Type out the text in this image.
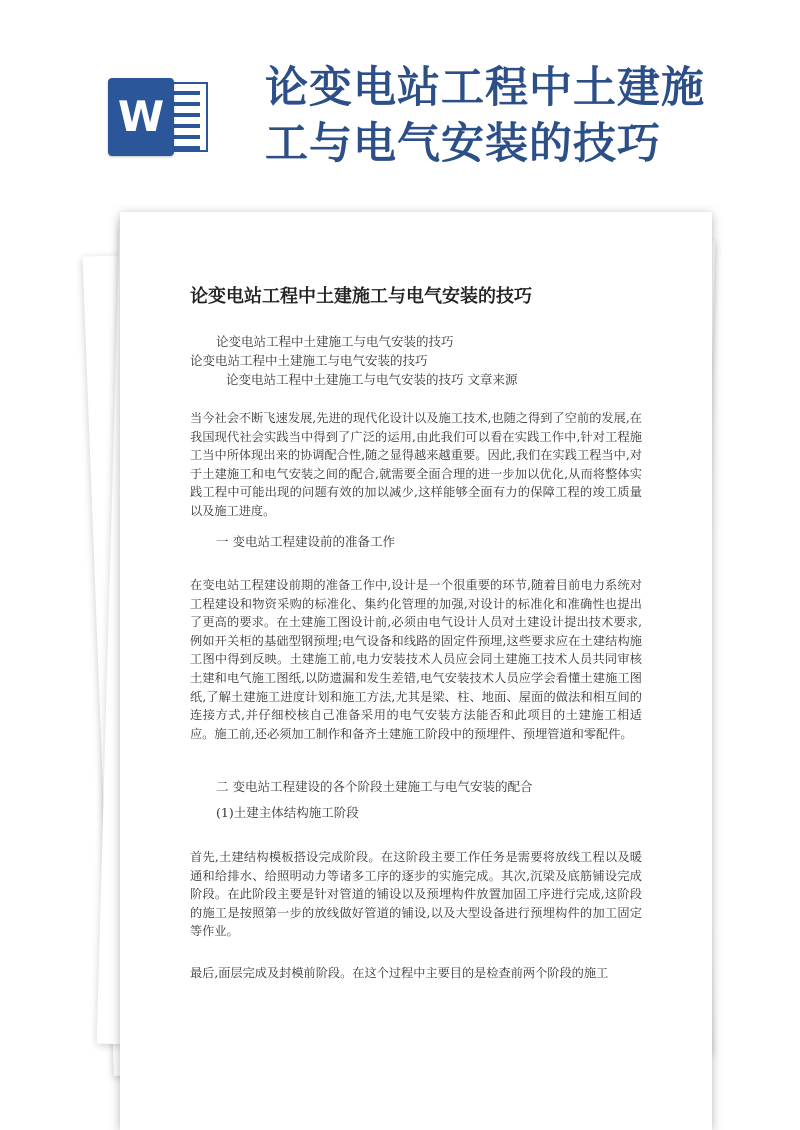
W
论变电站工程中土建施
工与电气安装的技巧
论变电站工程中土建施工与电气安装的技巧
论变电站工程中土建施工与电气安装的技巧
论变电站工程中土建施工与电气安装的技巧
论变电站工程中土建施工与电气安装的技巧 文章来源
当今社会不断飞速发展,先进的现代化设计以及施工技术,也随之得到了空前的发展,在我国现代社会实践当中得到了广泛的运用,由此我们可以看在实践工作中,针对工程施工当中所体现出来的协调配合性,随之显得越来越重要。因此,我们在实践工程当中,对于土建施工和电气安装之间的配合,就需要全面合理的进一步加以优化,从而将整体实践工程中可能出现的问题有效的加以减少,这样能够全面有力的保障工程的竣工质量以及施工进度。
一 变电站工程建设前的准备工作
在变电站工程建设前期的准备工作中,设计是一个很重要的环节,随着目前电力系统对工程建设和物资采购的标准化、集约化管理的加强,对设计的标准化和准确性也提出了更高的要求。在土建施工图设计前,必须由电气设计人员对土建设计提出技术要求,例如开关柜的基础型钢预埋;电气设备和线路的固定件预埋,这些要求应在土建结构施工图中得到反映。土建施工前,电力安装技术人员应会同土建施工技术人员共同审核土建和电气施工图纸,以防遗漏和发生差错,电气安装技术人员应学会看懂土建施工图纸,了解土建施工进度计划和施工方法,尤其是梁、柱、地面、屋面的做法和相互间的连接方式,并仔细校核自己准备采用的电气安装方法能否和此项目的土建施工相适应。施工前,还必须加工制作和备齐土建施工阶段中的预埋件、预埋管道和零配件。
二 变电站工程建设的各个阶段土建施工与电气安装的配合
(1)土建主体结构施工阶段
首先,土建结构模板搭设完成阶段。在这阶段主要工作任务是需要将放线工程以及暖通和给排水、给照明动力等诸多工序的逐步的实施完成。其次,沉梁及底筋铺设完成阶段。在此阶段主要是针对管道的铺设以及预埋构件放置加固工序进行完成,这阶段的施工是按照第一步的放线做好管道的铺设,以及大型设备进行预埋构件的加工固定等作业。
最后,面层完成及封模前阶段。在这个过程中主要目的是检查前两个阶段的施工
